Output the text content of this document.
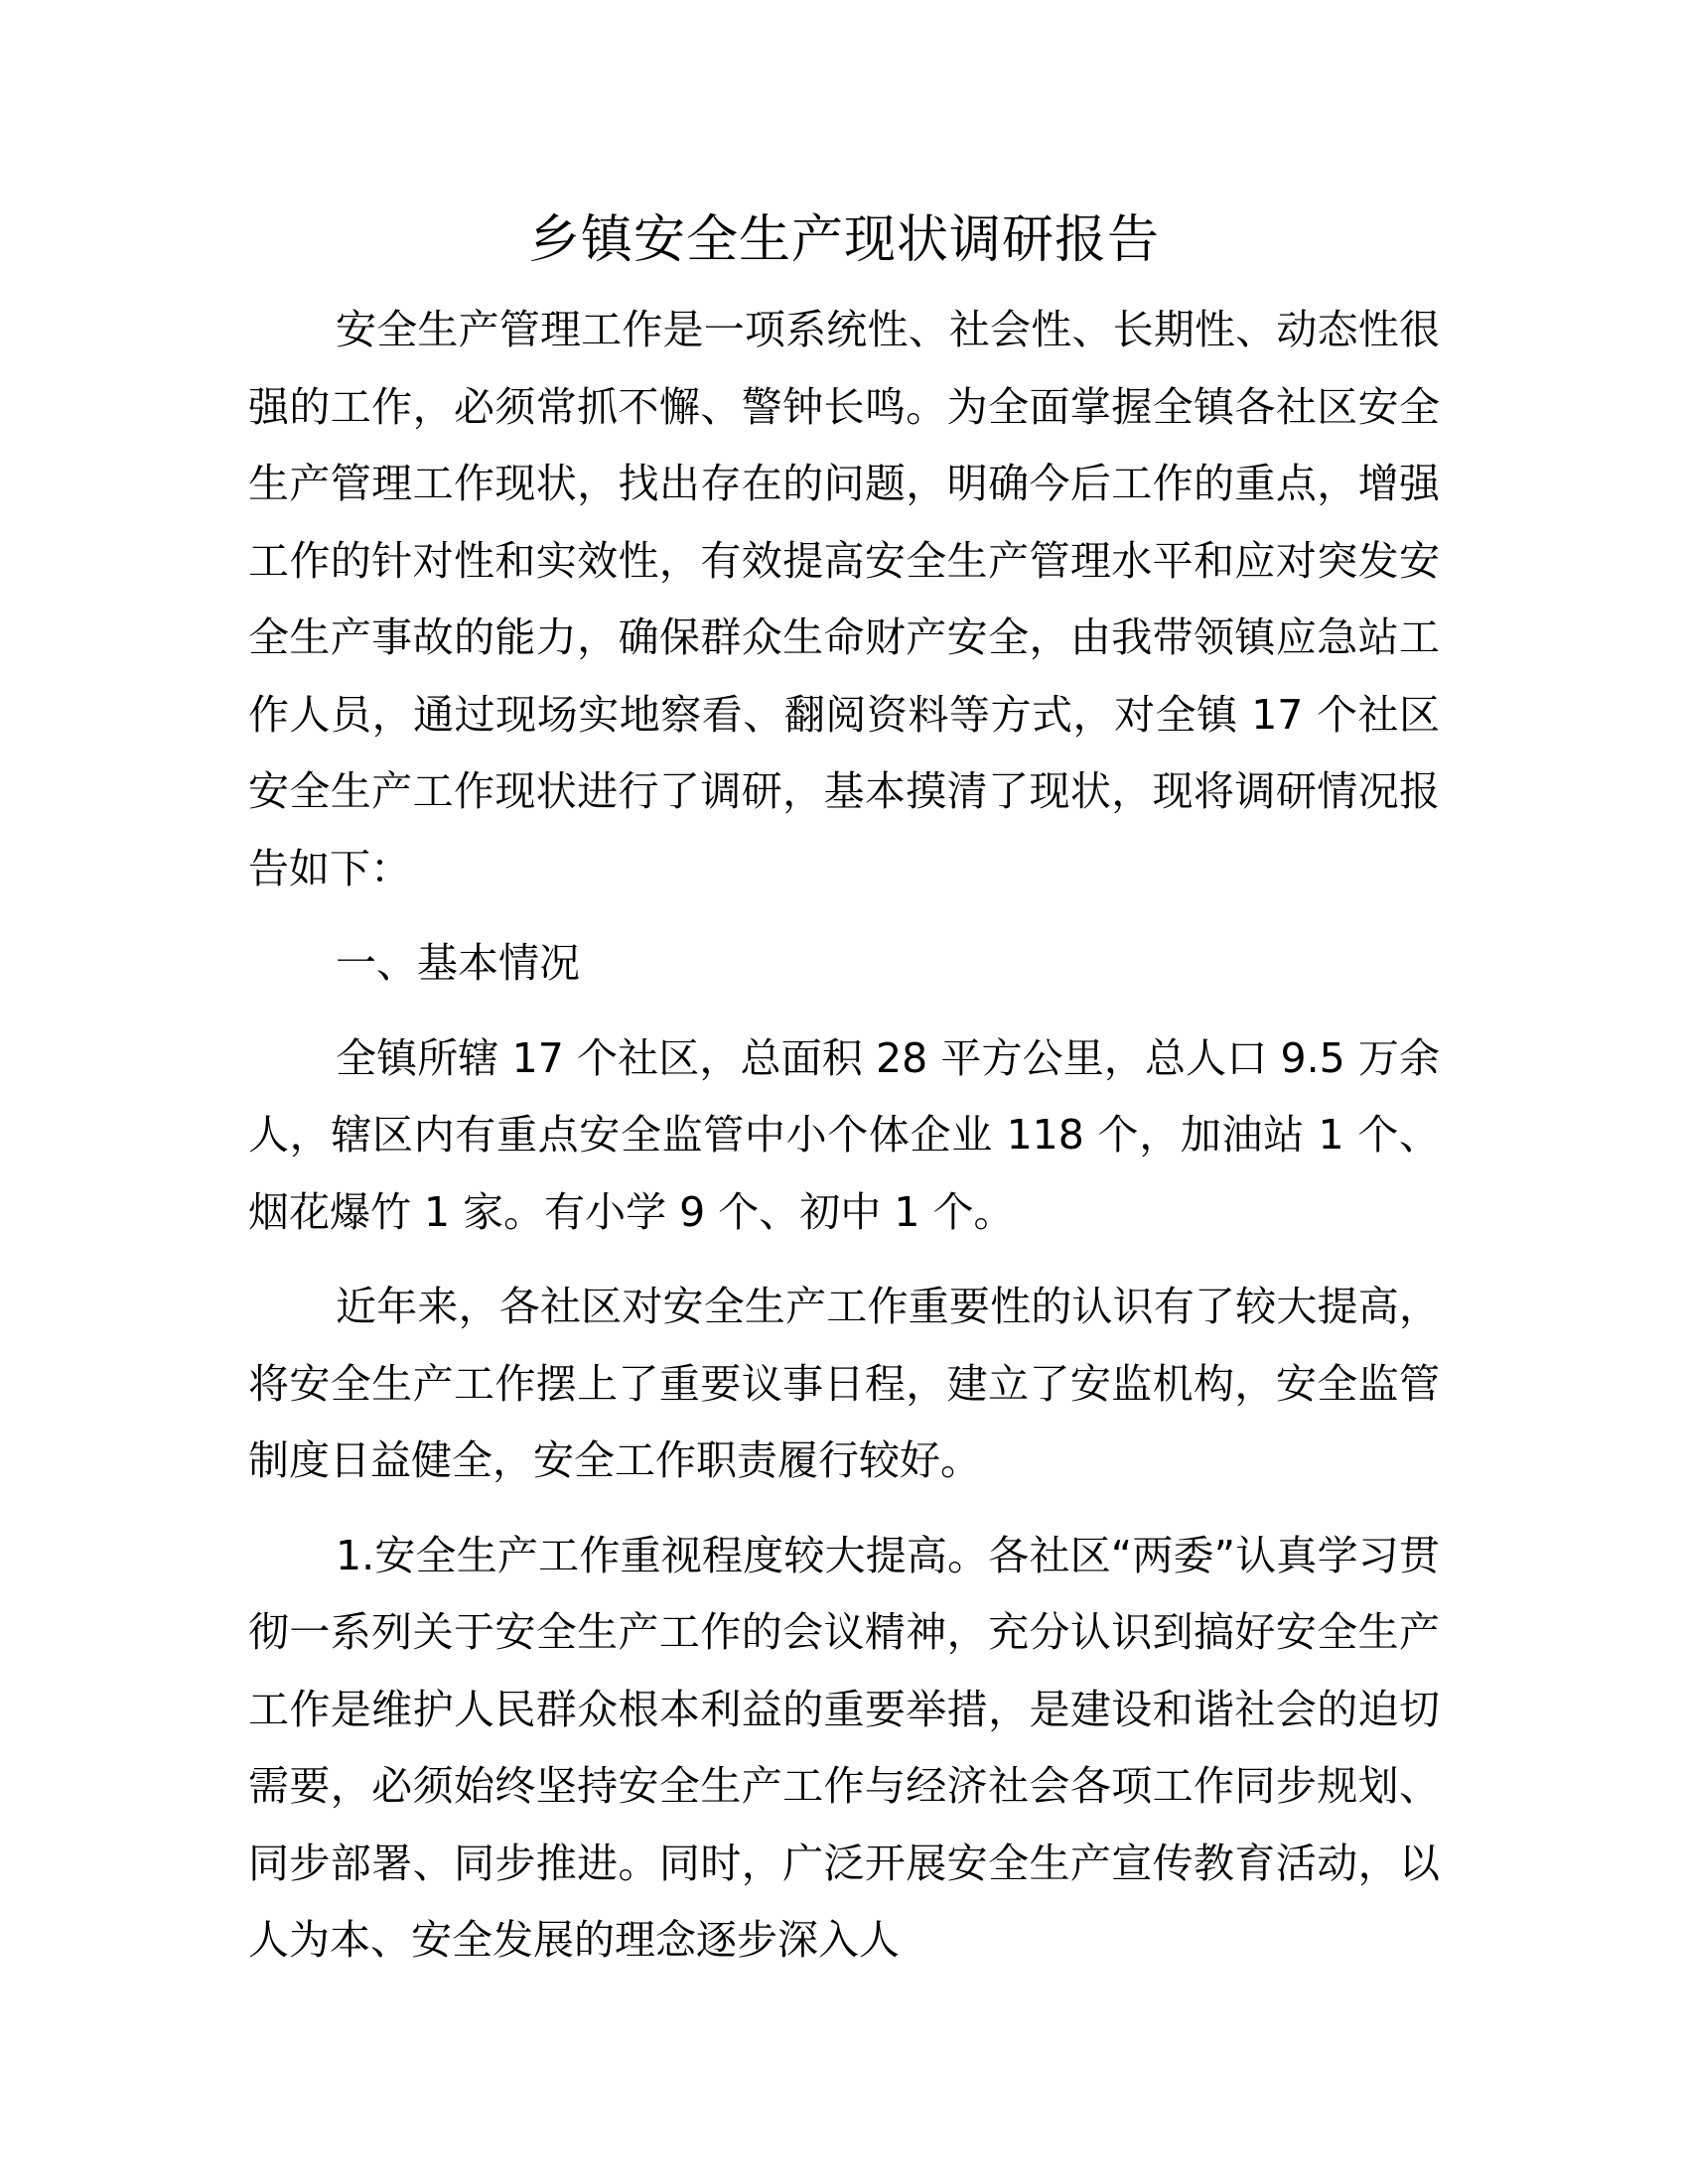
乡镇安全生产现状调研报告

安全生产管理工作是一项系统性、社会性、长期性、动态性很强的工作，必须常抓不懈、警钟长鸣。为全面掌握全镇各社区安全生产管理工作现状，找出存在的问题，明确今后工作的重点，增强工作的针对性和实效性，有效提高安全生产管理水平和应对突发安全生产事故的能力，确保群众生命财产安全，由我带领镇应急站工作人员，通过现场实地察看、翻阅资料等方式，对全镇 17 个社区安全生产工作现状进行了调研，基本摸清了现状，现将调研情况报告如下：

一、基本情况

全镇所辖 17 个社区，总面积 28 平方公里，总人口 9.5 万余人，辖区内有重点安全监管中小个体企业 118 个，加油站 1 个、烟花爆竹 1 家。有小学 9 个、初中 1 个。

近年来，各社区对安全生产工作重要性的认识有了较大提高，将安全生产工作摆上了重要议事日程，建立了安监机构，安全监管制度日益健全，安全工作职责履行较好。

1.安全生产工作重视程度较大提高。各社区“两委”认真学习贯彻一系列关于安全生产工作的会议精神，充分认识到搞好安全生产工作是维护人民群众根本利益的重要举措，是建设和谐社会的迫切需要，必须始终坚持安全生产工作与经济社会各项工作同步规划、同步部署、同步推进。同时，广泛开展安全生产宣传教育活动，以人为本、安全发展的理念逐步深入人
